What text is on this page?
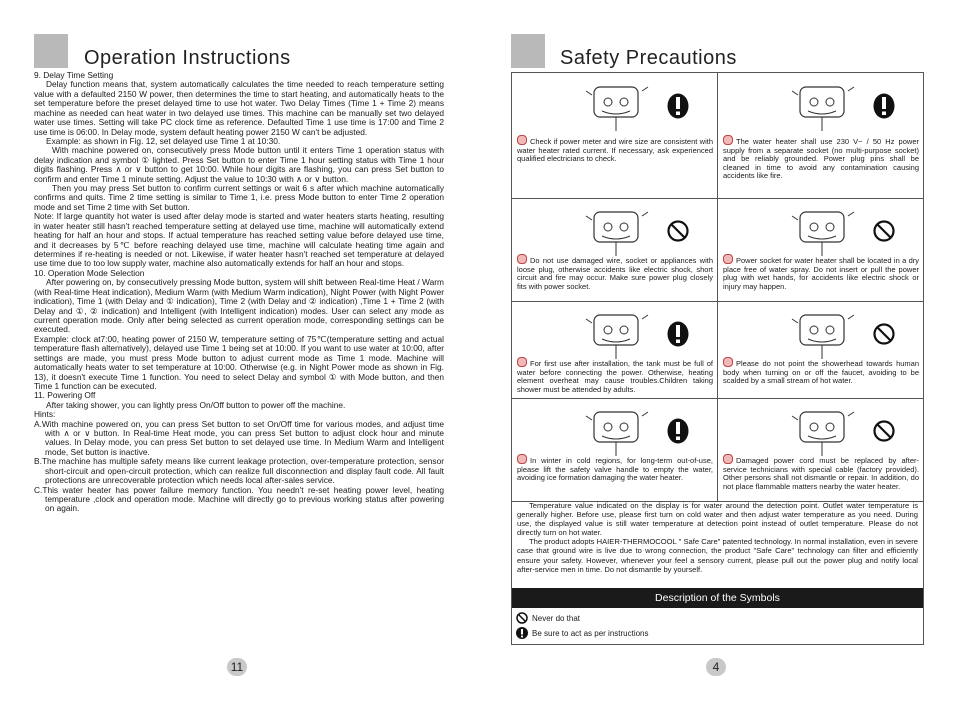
Operation Instructions

9. Delay Time Setting

Delay function means that, system automatically calculates the time needed to reach temperature setting value with a defaulted 2150 W power, then determines the time to start heating, and automatically heats to the set temperature before the preset delayed time to use hot water. Two Delay Times (Time 1 + Time 2) means machine as needed can heat water in two delayed use times. This machine can be manually set two delayed water use times. Setting will take PC clock time as reference. Defaulted Time 1 use time is 17:00 and Time 2 use time is 06:00. In Delay mode, system default heating power 2150 W can't be adjusted.

Example: as shown in Fig. 12, set delayed use Time 1 at 10:30.

With machine powered on, consecutively press Mode button until it enters Time 1 operation status with delay indication and symbol ① lighted. Press Set button to enter Time 1 hour setting status with Time 1 hour digits flashing. Press ∧ or ∨ button to get 10:00. While hour digits are flashing, you can press Set button to confirm and enter Time 1 minute setting. Adjust the value to 10:30 with ∧ or ∨ button.

Then you may press Set button to confirm current settings or wait 6 s after which machine automatically confirms and quits. Time 2 time setting is similar to Time 1, i.e. press Mode button to enter Time 2 operation mode and set Time 2 time with Set button.

Note: If large quantity hot water is used after delay mode is started and water heaters starts heating, resulting in water heater still hasn't reached temperature setting at delayed use time, machine will automatically extend heating for half an hour and stops. If actual temperature has reached setting value before delayed use time, and it decreases by 5℃ before reaching delayed use time, machine will calculate heating time again and determines if re-heating is needed or not. Likewise, if water heater hasn't reached set temperature at delayed use time due to too low supply water, machine also automatically extends for half an hour and stops.

10. Operation Mode Selection

After powering on, by consecutively pressing Mode button, system will shift between Real-time Heat / Warm (with Real-time Heat indication), Medium Warm (with Medium Warm indication), Night Power (with Night Power indication), Time 1 (with Delay and ① indication), Time 2 (with Delay and ② indication) ,Time 1 + Time 2 (with Delay and ①, ② indication) and Intelligent (with Intelligent indication) modes. User can select any mode as current operation mode. Only after being selected as current operation mode, corresponding settings can be executed.

Example: clock at7:00, heating power of 2150 W, temperature setting of 75℃(temperature setting and actual temperature flash alternatively), delayed use Time 1 being set at 10:00. If you want to use water at 10:00, after settings are made, you must press Mode button to adjust current mode as Time 1 mode. Machine will automatically heats water to set temperature at 10:00. Otherwise (e.g. in Night Power mode as shown in Fig. 13), it doesn't execute Time 1 function. You need to select Delay and symbol ① with Mode button, and then Time 1 function can be executed.

11. Powering Off

After taking shower, you can lightly press On/Off button to power off the machine.

Hints:

A.With machine powered on, you can press Set button to set On/Off time for various modes, and adjust time with ∧ or ∨ button. In Real-time Heat mode, you can press Set button to adjust clock hour and minute values. In Delay mode, you can press Set button to set delayed use time. In Medium Warm and Intelligent mode, Set button is inactive.

B.The machine has multiple safety means like current leakage protection, over-temperature protection, sensor short-circuit and open-circuit protection, which can realize full disconnection and display fault code. All fault protections are unrecoverable protection which needs local after-sales service.

C.This water heater has power failure memory function. You needn't re-set heating power level, heating temperature ,clock and operation mode. Machine will directly go to previous working status after powering on again.

11
Safety Precautions
Check if power meter and wire size are consistent with water heater rated current. If necessary, ask experienced qualified electricians to check.
The water heater shall use 230 V~ / 50 Hz power supply from a separate socket (no multi-purpose socket) and be reliably grounded. Power plug pins shall be cleaned in time to avoid any contamination causing accidents like fire.
Do not use damaged wire, socket or appliances with loose plug, otherwise accidents like electric shock, short circuit and fire may occur. Make sure power plug closely fits with power socket.
Power socket for water heater shall be located in a dry place free of water spray. Do not insert or pull the power plug with wet hands, for accidents like electric shock or injury may happen.
For first use after installation, the tank must be full of water before connecting the power. Otherwise, heating element overheat may cause troubles.Children taking shower must be attended by adults.
Please do not point the showerhead towards human body when turning on or off the faucet, avoiding to be scalded by a small stream of hot water.
In winter in cold regions, for long-term out-of-use, please lift the safety valve handle to empty the water, avoiding ice formation damaging the water heater.
Damaged power cord must be replaced by after-service technicians with special cable (factory provided). Other persons shall not dismantle or repair. In addition, do not place flammable matters nearby the water heater.

Temperature value indicated on the display is for water around the detection point. Outlet water temperature is generally higher. Before use, please first turn on cold water and then adjust water temperature as you need. During use, the displayed value is still water temperature at detection point instead of outlet temperature. Please do not directly turn on hot water.

The product adopts HAIER-THERMOCOOL " Safe Care" patented technology. In normal installation, even in severe case that ground wire is live due to wrong connection, the product "Safe Care" technology can filter and efficiently ensure your safety. However, whenever your feel a sensory current, please pull out the power plug and notify local after-service men in time. Do not dismantle by yourself.

Description of the Symbols
Never do that
Be sure to act as per instructions
4
